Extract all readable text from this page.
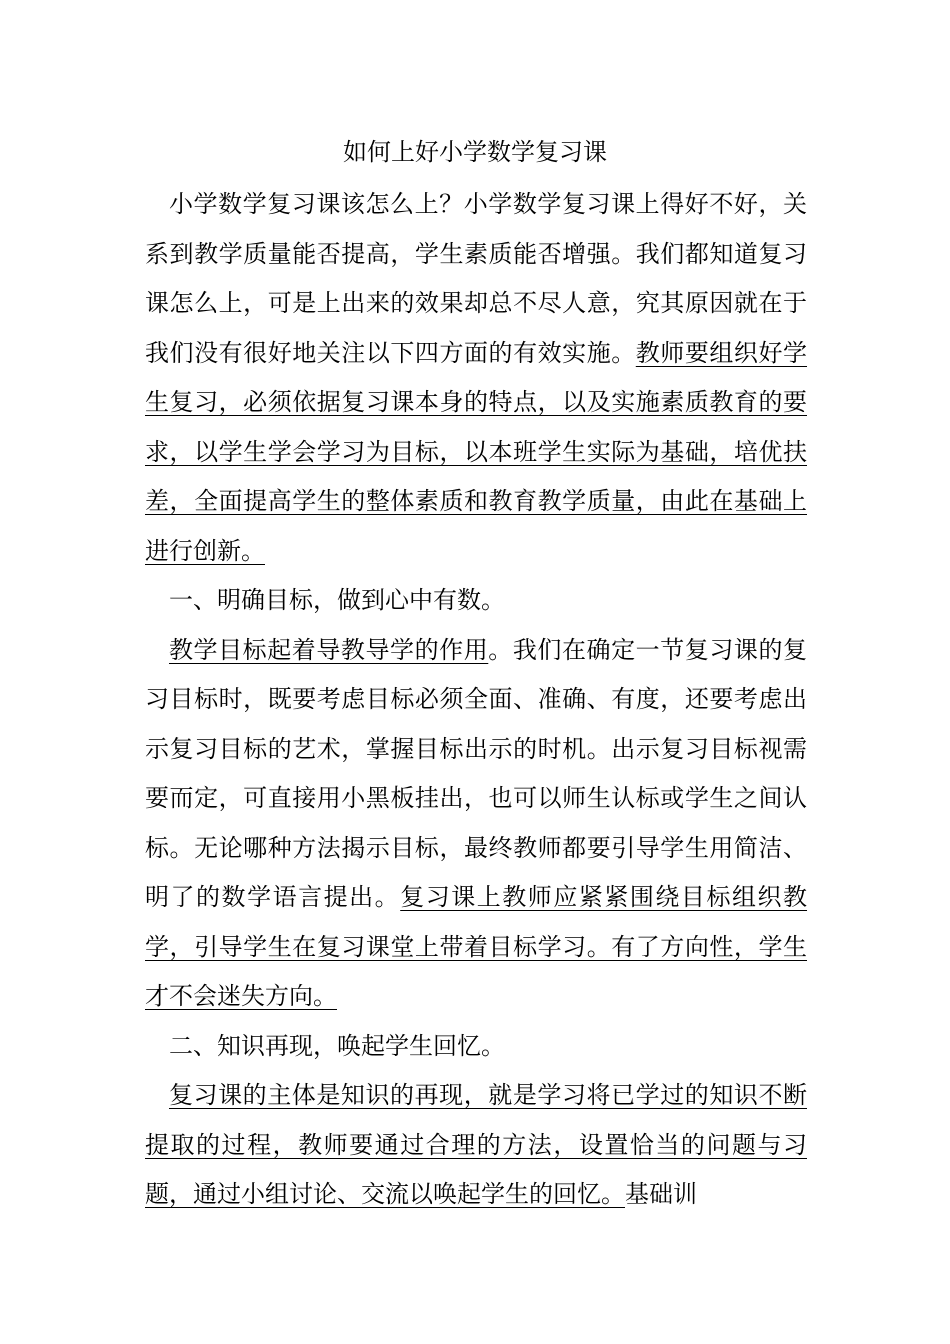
如何上好小学数学复习课

小学数学复习课该怎么上？小学数学复习课上得好不好，关系到教学质量能否提高，学生素质能否增强。我们都知道复习课怎么上，可是上出来的效果却总不尽人意，究其原因就在于我们没有很好地关注以下四方面的有效实施。教师要组织好学生复习，必须依据复习课本身的特点，以及实施素质教育的要求，以学生学会学习为目标，以本班学生实际为基础，培优扶差，全面提高学生的整体素质和教育教学质量，由此在基础上进行创新。

一、明确目标，做到心中有数。

教学目标起着导教导学的作用。我们在确定一节复习课的复习目标时，既要考虑目标必须全面、准确、有度，还要考虑出示复习目标的艺术，掌握目标出示的时机。出示复习目标视需要而定，可直接用小黑板挂出，也可以师生认标或学生之间认标。无论哪种方法揭示目标，最终教师都要引导学生用简洁、明了的数学语言提出。复习课上教师应紧紧围绕目标组织教学，引导学生在复习课堂上带着目标学习。有了方向性，学生才不会迷失方向。

二、知识再现，唤起学生回忆。

复习课的主体是知识的再现，就是学习将已学过的知识不断提取的过程，教师要通过合理的方法，设置恰当的问题与习题，通过小组讨论、交流以唤起学生的回忆。基础训
